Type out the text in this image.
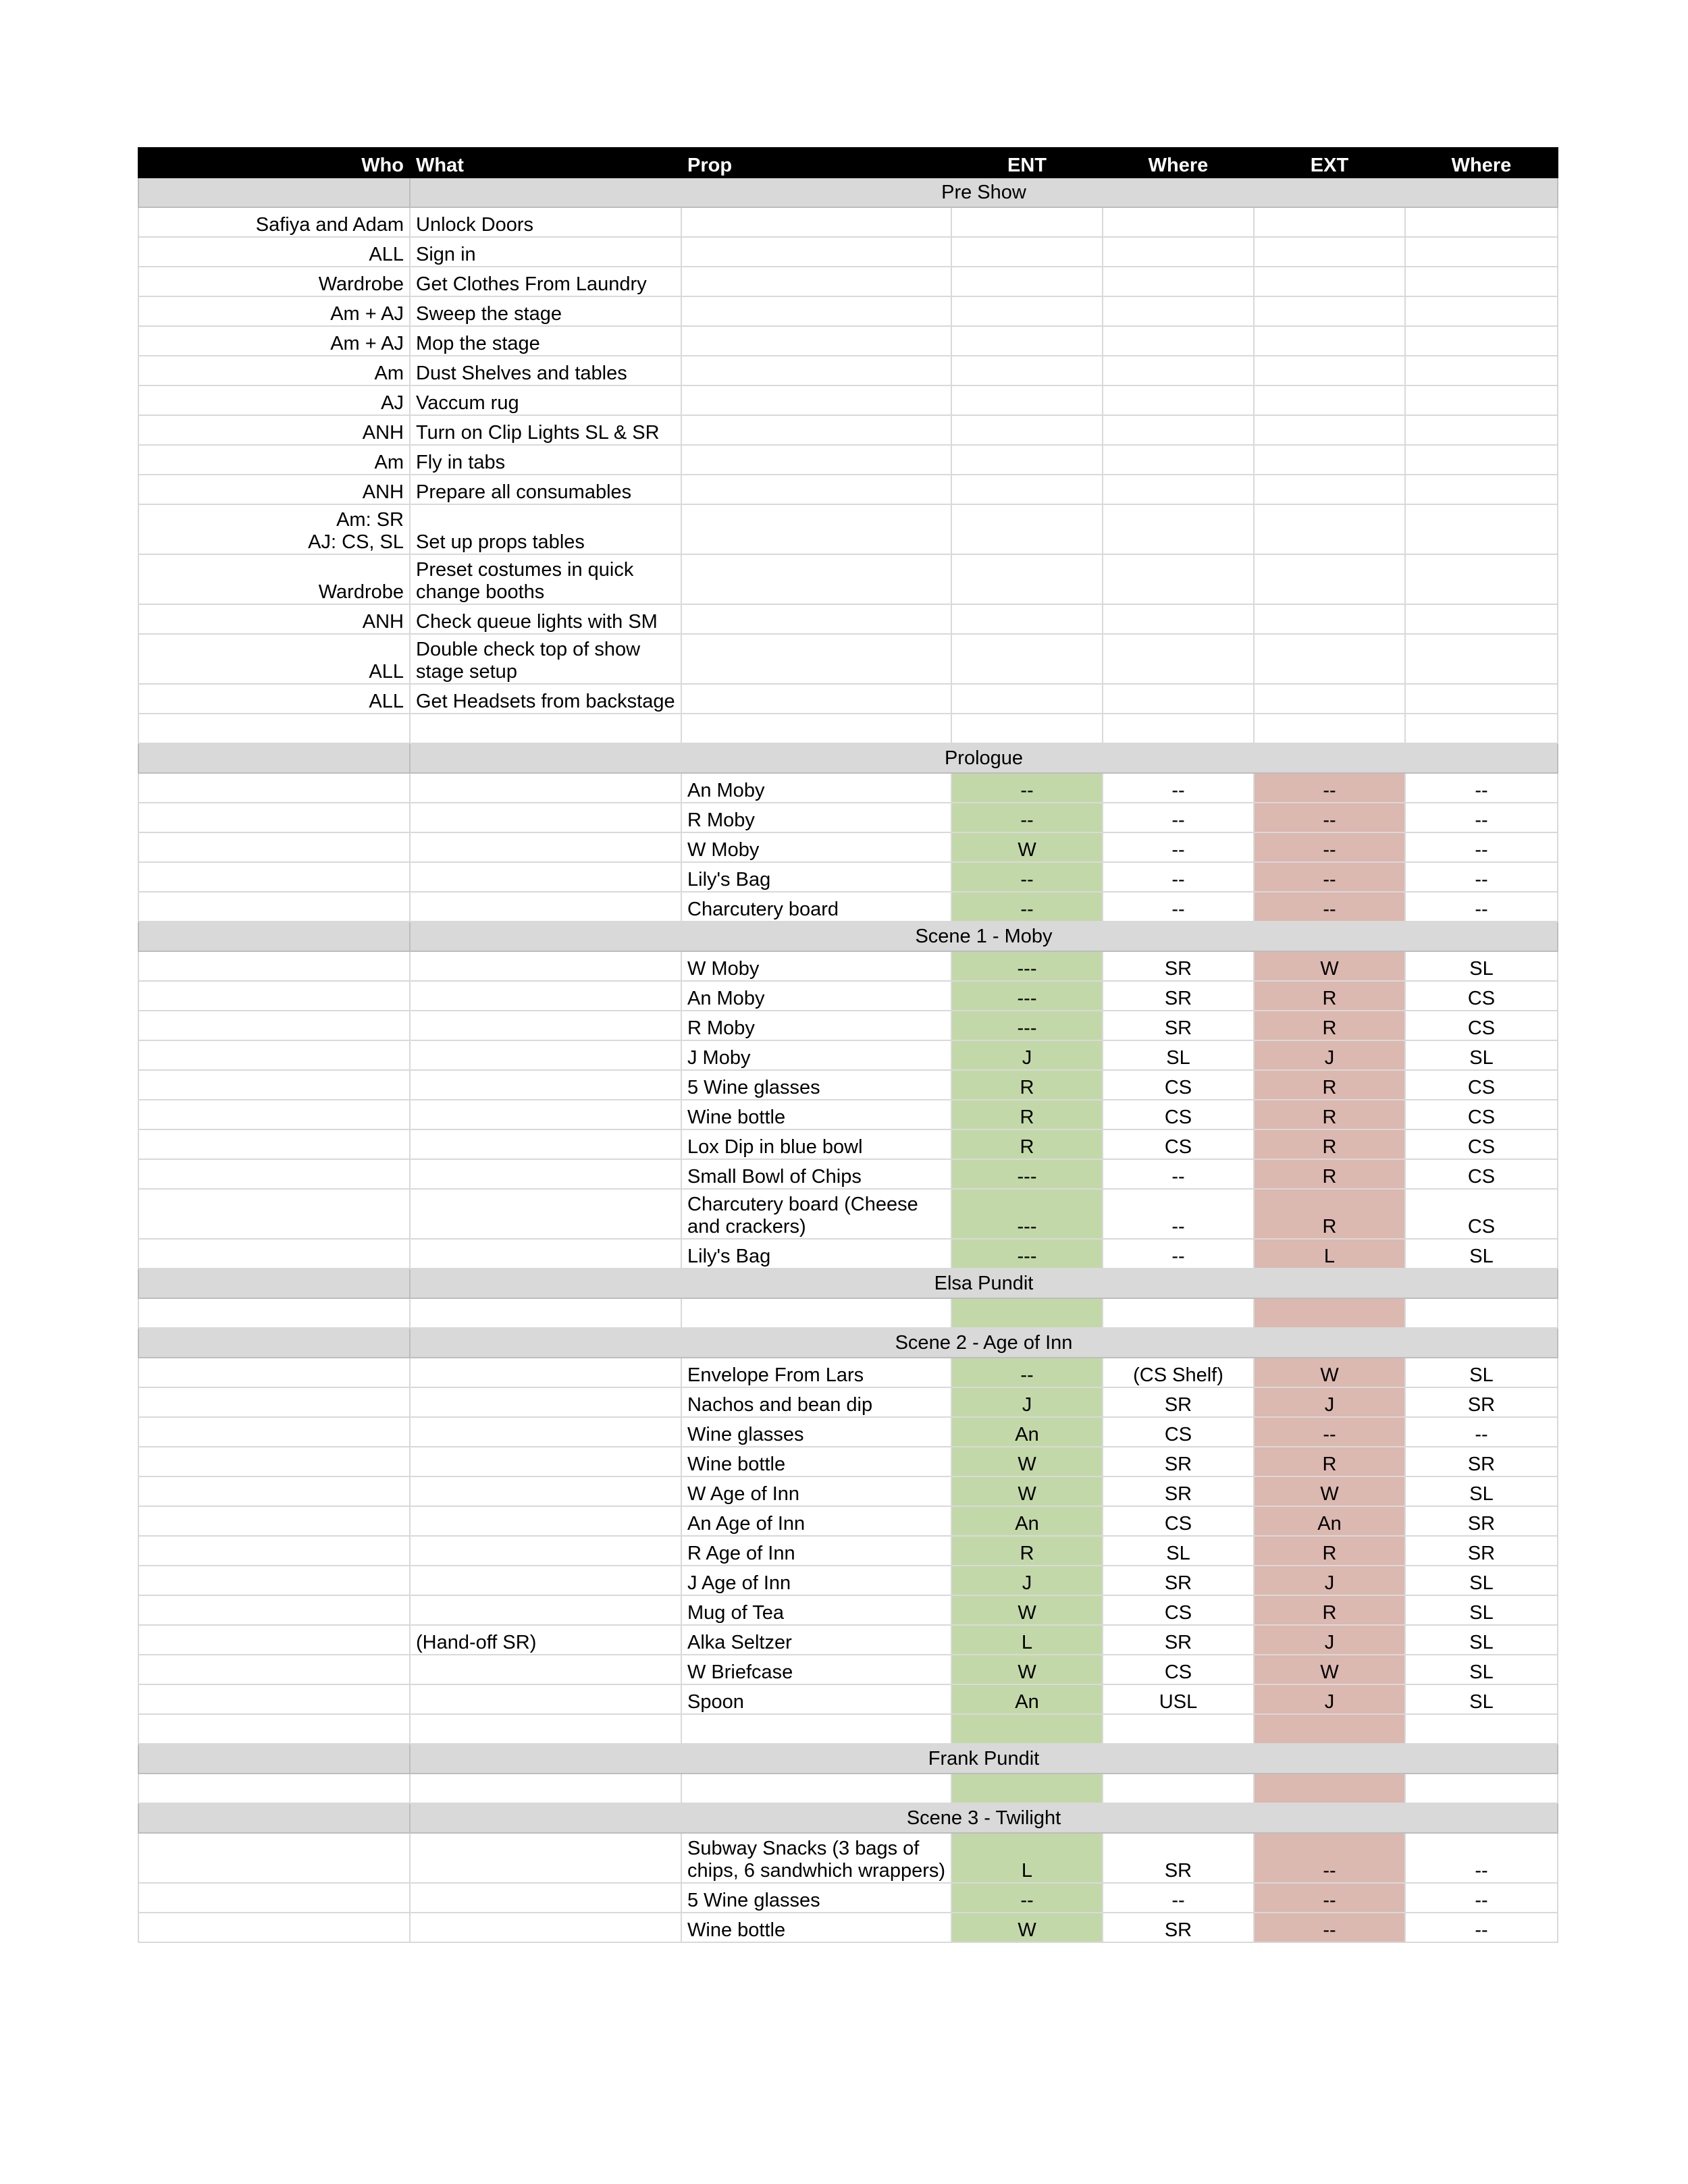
Who	What	Prop	ENT	Where	EXT	Where
	Pre Show					
Safiya and Adam	Unlock Doors					
ALL	Sign in					
Wardrobe	Get Clothes From Laundry					
Am + AJ	Sweep the stage					
Am + AJ	Mop the stage					
Am	Dust Shelves and tables					
AJ	Vaccum rug					
ANH	Turn on Clip Lights SL & SR					
Am	Fly in tabs					
ANH	Prepare all consumables					

Am: SR
AJ: CS, SL	Set up props tables					
Wardrobe	Preset costumes in quick
change booths					

ANH	Check queue lights with SM					
ALL	Double check top of show
stage setup					

ALL	Get Headsets from backstage					

	Prologue					
		An Moby	--	--	--	--
		R Moby	--	--	--	--
		W Moby	W	--	--	--
		Lily's Bag	--	--	--	--
		Charcutery board	--	--	--	--
	Scene 1 - Moby					
		W Moby	---	SR	W	SL
		An Moby	---	SR	R	CS
		R Moby	---	SR	R	CS
		J Moby	J	SL	J	SL
		5 Wine glasses	R	CS	R	CS
		Wine bottle	R	CS	R	CS
		Lox Dip in blue bowl	R	CS	R	CS
		Small Bowl of Chips	---	--	R	CS

		Charcutery board (Cheese
and crackers)	---	--	R	CS
		Lily's Bag	---	--	L	SL
	Elsa Pundit					

	Scene 2 - Age of Inn					
		Envelope From Lars	--	(CS Shelf)	W	SL
		Nachos and bean dip	J	SR	J	SR
		Wine glasses	An	CS	--	--
		Wine bottle	W	SR	R	SR
		W Age of Inn	W	SR	W	SL
		An Age of Inn	An	CS	An	SR
		R Age of Inn	R	SL	R	SR
		J Age of Inn	J	SR	J	SL
		Mug of Tea	W	CS	R	SL
	(Hand-off SR)	Alka Seltzer	L	SR	J	SL
		W Briefcase	W	CS	W	SL
		Spoon	An	USL	J	SL

	Frank Pundit					

	Scene 3 - Twilight					

		Subway Snacks (3 bags of
chips, 6 sandwhich wrappers)	L	SR	--	--
		5 Wine glasses	--	--	--	--
		Wine bottle	W	SR	--	--
